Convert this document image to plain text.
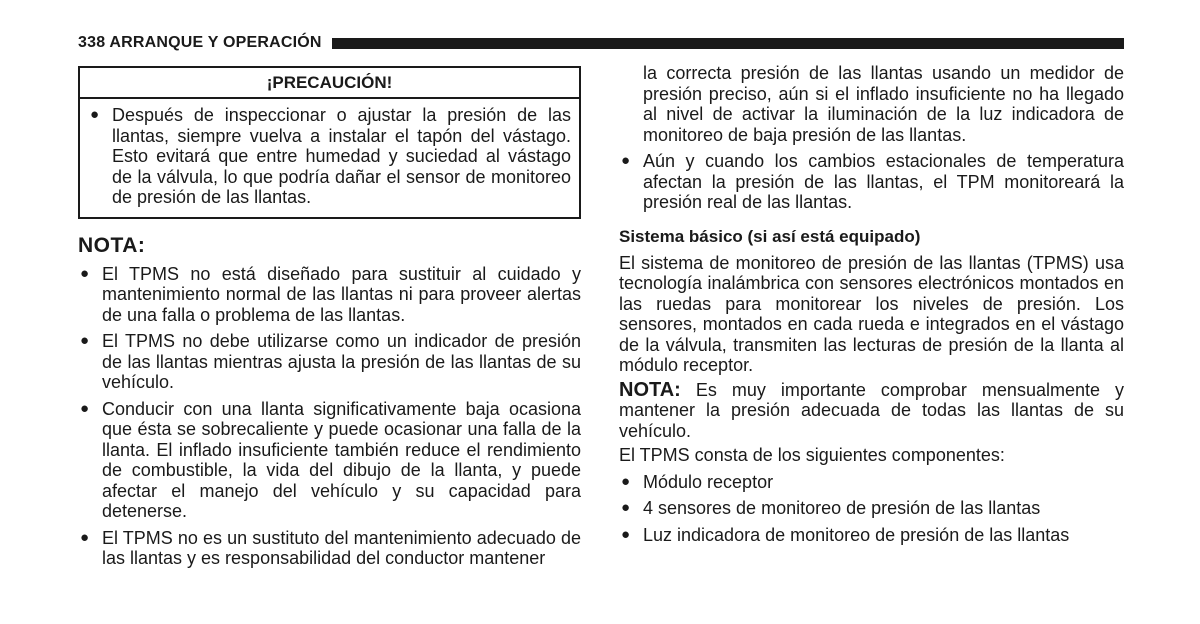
338 ARRANQUE Y OPERACIÓN
¡PRECAUCIÓN!
● Después de inspeccionar o ajustar la presión de las llantas, siempre vuelva a instalar el tapón del vástago. Esto evitará que entre humedad y suciedad al vástago de la válvula, lo que podría dañar el sensor de monitoreo de presión de las llantas.
NOTA:
● El TPMS no está diseñado para sustituir al cuidado y mantenimiento normal de las llantas ni para proveer alertas de una falla o problema de las llantas.
● El TPMS no debe utilizarse como un indicador de presión de las llantas mientras ajusta la presión de las llantas de su vehículo.
● Conducir con una llanta significativamente baja ocasiona que ésta se sobrecaliente y puede ocasionar una falla de la llanta. El inflado insuficiente también reduce el rendimiento de combustible, la vida del dibujo de la llanta, y puede afectar el manejo del vehículo y su capacidad para detenerse.
● El TPMS no es un sustituto del mantenimiento adecuado de las llantas y es responsabilidad del conductor mantener
la correcta presión de las llantas usando un medidor de presión preciso, aún si el inflado insuficiente no ha llegado al nivel de activar la iluminación de la luz indicadora de monitoreo de baja presión de las llantas.
● Aún y cuando los cambios estacionales de temperatura afectan la presión de las llantas, el TPM monitoreará la presión real de las llantas.
Sistema básico (si así está equipado)
El sistema de monitoreo de presión de las llantas (TPMS) usa tecnología inalámbrica con sensores electrónicos montados en las ruedas para monitorear los niveles de presión. Los sensores, montados en cada rueda e integrados en el vástago de la válvula, transmiten las lecturas de presión de la llanta al módulo receptor.
NOTA: Es muy importante comprobar mensualmente y mantener la presión adecuada de todas las llantas de su vehículo.
El TPMS consta de los siguientes componentes:
● Módulo receptor
● 4 sensores de monitoreo de presión de las llantas
● Luz indicadora de monitoreo de presión de las llantas
